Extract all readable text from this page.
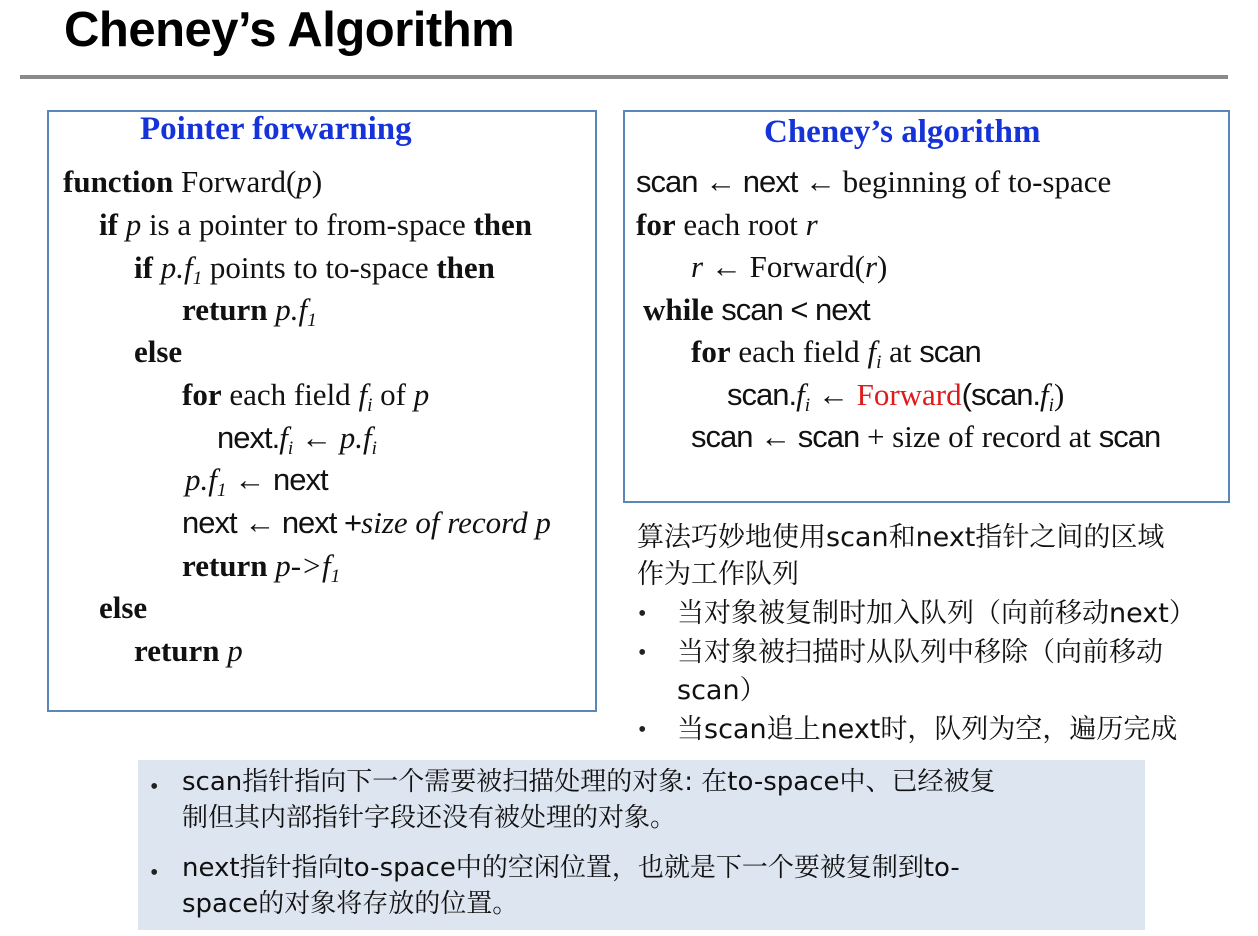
Cheney’s Algorithm
Pointer forwarning
function Forward(p)
if p is a pointer to from-space then
if $p.f_1$ points to to-space then
return $p.f_1$
else
for each field $f_i$ of p
$next.f_i$ ← $p.f_i$
$p.f_1$ ← next
next ← next +size of record p
return $p->f_1$
else
return p
Cheney’s algorithm
scan ← next ← beginning of to-space
for each root r
r ← Forward(r)
while scan < next
for each field $f_i$ at scan
$scan.f_i$ ← $Forward(scan.f_i)$
scan ← scan + size of record at scan
算法巧妙地使用scan和next指针之间的区域
作为工作队列
• 当对象被复制时加入队列（向前移动next）
• 当对象被扫描时从队列中移除（向前移动
scan）
• 当scan追上next时，队列为空，遍历完成
• scan指针指向下一个需要被扫描处理的对象: 在to-space中、已经被复
制但其内部指针字段还没有被处理的对象。
• next指针指向to-space中的空闲位置，也就是下一个要被复制到to-
space的对象将存放的位置。
